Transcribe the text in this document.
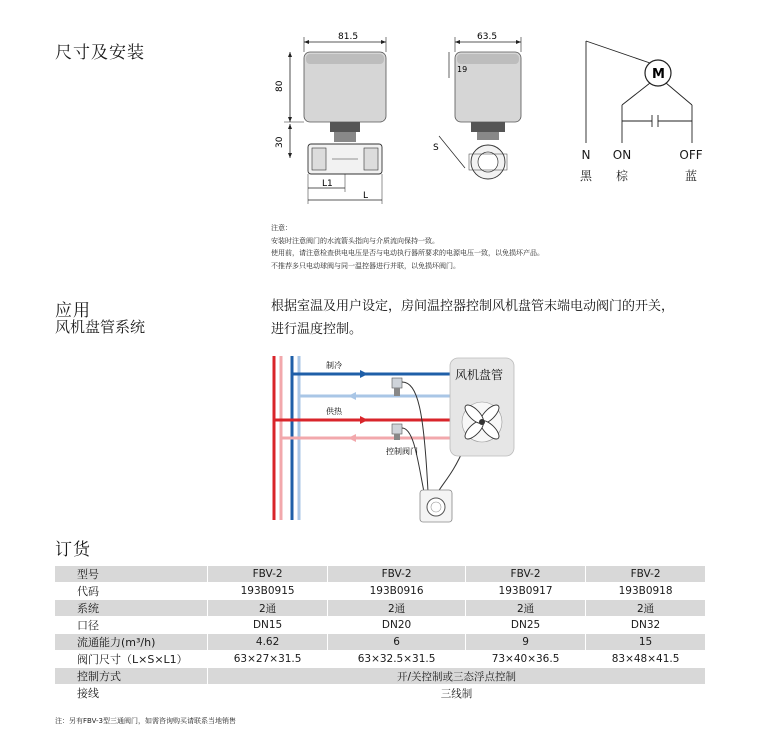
尺寸及安装
应用
风机盘管系统
订货
81.5
80
30
L1
L
63.5
19
S
M
N
黑
ON
棕
OFF
蓝
注意：
安装时注意阀门的水流箭头指向与介质流向保持一致。
使用前，请注意检查供电电压是否与电动执行器所要求的电源电压一致，以免损坏产品。
不推荐多只电动球阀与同一温控器进行并联，以免损坏阀门。
根据室温及用户设定，房间温控器控制风机盘管末端电动阀门的开关，
进行温度控制。
制冷
供热
控制阀门
风机盘管
型号	FBV-2	FBV-2	FBV-2	FBV-2
代码	193B0915	193B0916	193B0917	193B0918
系统	2通	2通	2通	2通
口径	DN15	DN20	DN25	DN32
流通能力(m³/h)	4.62	6	9	15
阀门尺寸（L×S×L1）	63×27×31.5	63×32.5×31.5	73×40×36.5	83×48×41.5
控制方式	开/关控制或三态浮点控制			
接线	三线制			
注：另有FBV-3型三通阀门，如需咨询购买请联系当地销售
